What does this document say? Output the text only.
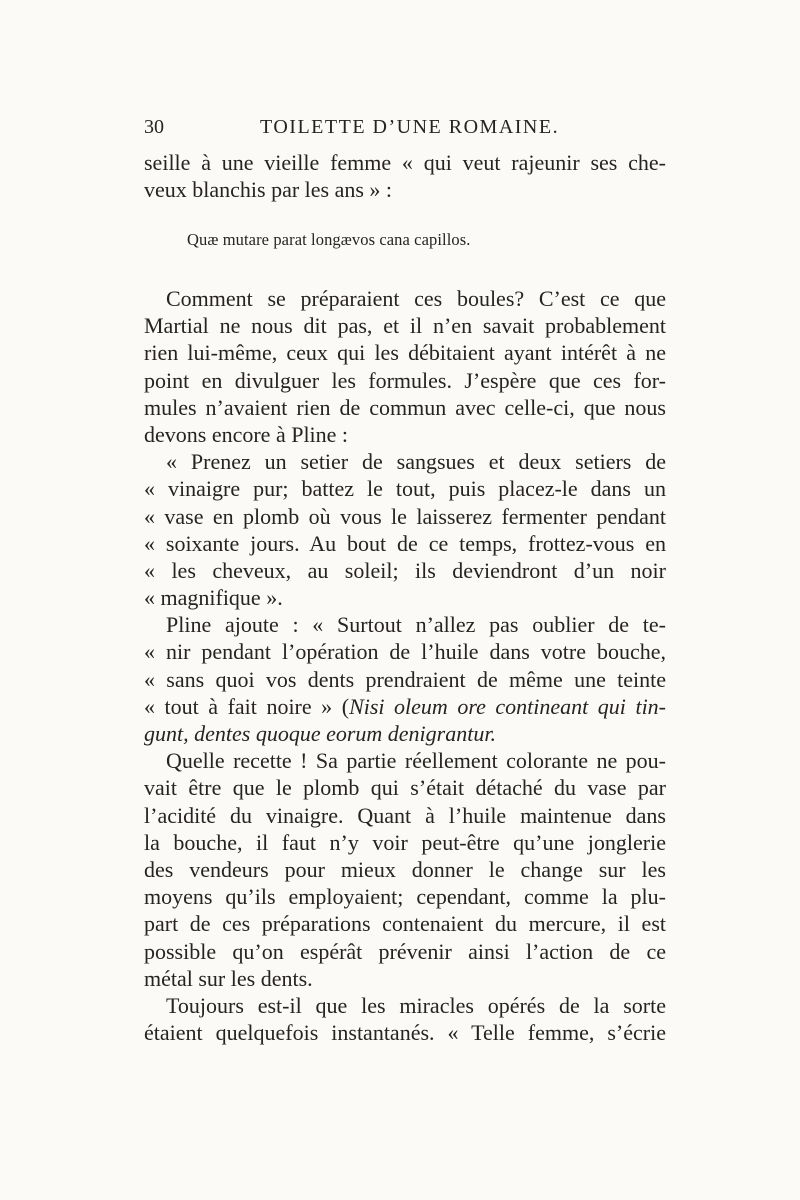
30	TOILETTE D’UNE ROMAINE.
seille à une vieille femme « qui veut rajeunir ses che-
veux blanchis par les ans » :
Quæ mutare parat longævos cana capillos.
Comment se préparaient ces boules? C’est ce que
Martial ne nous dit pas, et il n’en savait probablement
rien lui-même, ceux qui les débitaient ayant intérêt à ne
point en divulguer les formules. J’espère que ces for-
mules n’avaient rien de commun avec celle-ci, que nous
devons encore à Pline :
« Prenez un setier de sangsues et deux setiers de
« vinaigre pur; battez le tout, puis placez-le dans un
« vase en plomb où vous le laisserez fermenter pendant
« soixante jours. Au bout de ce temps, frottez-vous en
« les cheveux, au soleil; ils deviendront d’un noir
« magnifique ».
Pline ajoute : « Surtout n’allez pas oublier de te-
« nir pendant l’opération de l’huile dans votre bouche,
« sans quoi vos dents prendraient de même une teinte
« tout à fait noire » (Nisi oleum ore contineant qui tin-
gunt, dentes quoque eorum denigrantur.
Quelle recette ! Sa partie réellement colorante ne pou-
vait être que le plomb qui s’était détaché du vase par
l’acidité du vinaigre. Quant à l’huile maintenue dans
la bouche, il faut n’y voir peut-être qu’une jonglerie
des vendeurs pour mieux donner le change sur les
moyens qu’ils employaient; cependant, comme la plu-
part de ces préparations contenaient du mercure, il est
possible qu’on espérât prévenir ainsi l’action de ce
métal sur les dents.
Toujours est-il que les miracles opérés de la sorte
étaient quelquefois instantanés. « Telle femme, s’écrie
